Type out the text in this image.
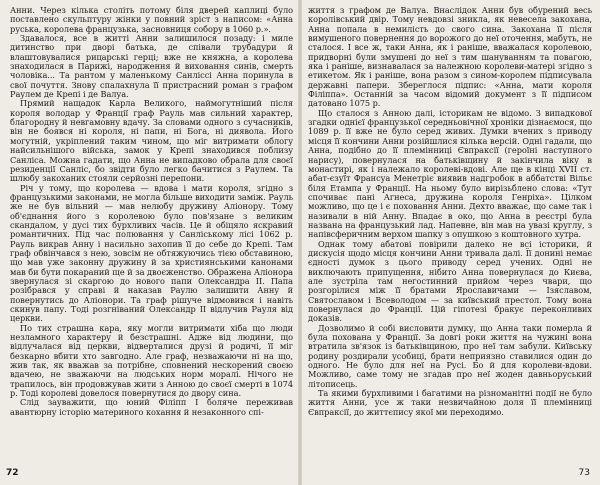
Анни. Через кілька століть потому біля дверей каплиці було поставлено скульптуру жінки у повний зріст з написом: «Анна руська, королева французька, засновниця собору в 1060 р.».

Здавалося, все в житті Анни залишилося позаду: і миле дитинство при дворі батька, де співали трубадури й влаштовувалися рицарські герці; вже не княжна, а королева знаходилася в Парижі, народження й виховання синів, смерть чоловіка... Та рантом у маленькому Санліссі Анна поринула в свої почуття. Знову спалахнула її пристрасний роман з графом Раулем де Крепі і де Валуа.

Прямий нащадок Карла Великого, наймогутніший після короля володар у Франції граф Рауль мав сильний характер, благородну й невгамовну вдачу. За словами одного з сучасників, він не боявся ні короля, ні папи, ні Бога, ні диявола. Його могутній, укріплений таким чином, що міг витримати облогу найсильнішого війська, замок у Крепі знаходився поблизу Санліса. Можна гадати, що Анна не випадково обрала для своєї резиденції Санліс, бо звідти було легко бачитися з Раулем. Та шлюбу закоханих стояли серйозні перепони.

Річ у тому, що королева — вдова і мати короля, згідно з французькими законами, не могла більше виходити заміж. Рауль же не був вільний — мав нелюбу дружину Аліонору. Тому об'єднання його з королевою було пов'язане з великим скандалом, у дусі тих бурхливих часів. Це й обіцяло яскравий романтичних. Під час полювання у Санліському лісі 1062 р. Рауль викрав Анну і насильно захопив її до себе до Крепі. Там граф обвінчався з нею, зовсім не обтяжуючись тією обставиною, що мав уже законну дружину й за християнськими канонами мав би бути покараний ще й за двоєженство. Ображена Аліонора звернулася зі скаргою до нового папи Олександра II. Папа розібрався у справі й наказав Раулю залишити Анну й повернутись до Аліонори. Та граф рішуче відмовився і навіть скинув папу. Тоді розгніваний Олександр II відлучив Рауля від церкви.

По тих страшна кара, яку могли витримати хіба що люди незламного характеру й безстрашні. Адже від людини, що відлучалася від церкви, відверталися друзі й родичі, її міг безкарно вбити хто завгодно. Але граф, незважаючи ні на що, жив так, як вважав за потрібне, сповнений нескорений своєю вдачею, не зважаючи на людських норм моралі. Нічого не трапилось, він продовжував жити з Анною до своєї смерті в 1074 р. Тоді королеві довелося повернутися до двору сина.

Слід зауважити, що юний Філіпп I боляче переживав авантюрну історію материного кохання й незаконного спі-

72

життя з графом де Валуа. Внаслідок Анни був обурений весь королівський двір. Тому невдовзі зникла, як невесела закохана, Анна попала в немилість до свого сина. Закохана її після вимушеного повернення до ворожого до неї оточення, мабуть, не сталося. І все ж, таки Анна, як і раніше, вважалася королевою, придворні були змушені до неї з тим шануванням та повагою, яка і раніше, визнавалася за належною королеви-матері згідно з етикетом. Як і раніше, вона разом з сином-королем підписувала державні папери. Збереглося підпис: «Анна, мати короля Філіппа». Останній за часом відомий документ з її підписом датовано 1075 р.

Що сталося з Анною далі, історикам не відомо. З випадкової згадки однієї французької середньовічної хроніки дізнаємося, що 1089 р. її вже не було серед живих. Думки вчених з приводу місця її кончини Анни розійшлися кілька версій. Одні гадали, що Анна, подібно до її племінниці Євпраксії (героїні наступного нарису), повернулася на батьківщину й закінчила віку в монастирі, як і належало королеві-вдові. Але ще в кінці XVII ст. абат-єзуїт Франсуа Менетріє виявив надгробок в аббатстві Вільє біля Етампа у Франції. На ньому було вирізьблено слова: «Тут спочиває пані Агнеса, дружина короля Генріха». Цілком можливо, що це і є поховання Анни. Дехто вважає, що саме так і називали в ній Анну. Впадає в око, що Анна в реєстрі була названа на французький лад. Напевне, він мав на увазі круглу, з напівсферичним верхом шапку з опушкою з коштовного хутра.

Однак тому абатові повірили далеко не всі історики, й дискусія щодо місця кончини Анни тривала далі. Її донині немає єдності думок з цього приводу серед учених. Одні не виключають припущення, нібито Анна повернулася до Києва, але зустріла там негостинний прийом через чвари, що розгорілися між її братами Ярославичами — Ізяславом, Святославом і Всеволодом — за київський престол. Тому вона повернулася до Франції. Цій гіпотезі бракує переконливих доказів.

Дозволимо й собі висловити думку, що Анна таки померла й була похована у Франції. За довгі роки життя на чужині вона втратила зв'язок із батьківщиною, про неї там забули. Київську родину роздирали усобиці, брати неприязно ставилися один до одного. Не було для неї на Русі. Бо й для королеви-вдови. Можливо, саме тому не згадав про неї жоден давньоруський літописець.

Та якими бурхливими і багатими на різноманітні події не було життя Анни, усе ж таки незвичайною доля її племінниці Євпраксії, до життєпису якої ми переходимо.

73
